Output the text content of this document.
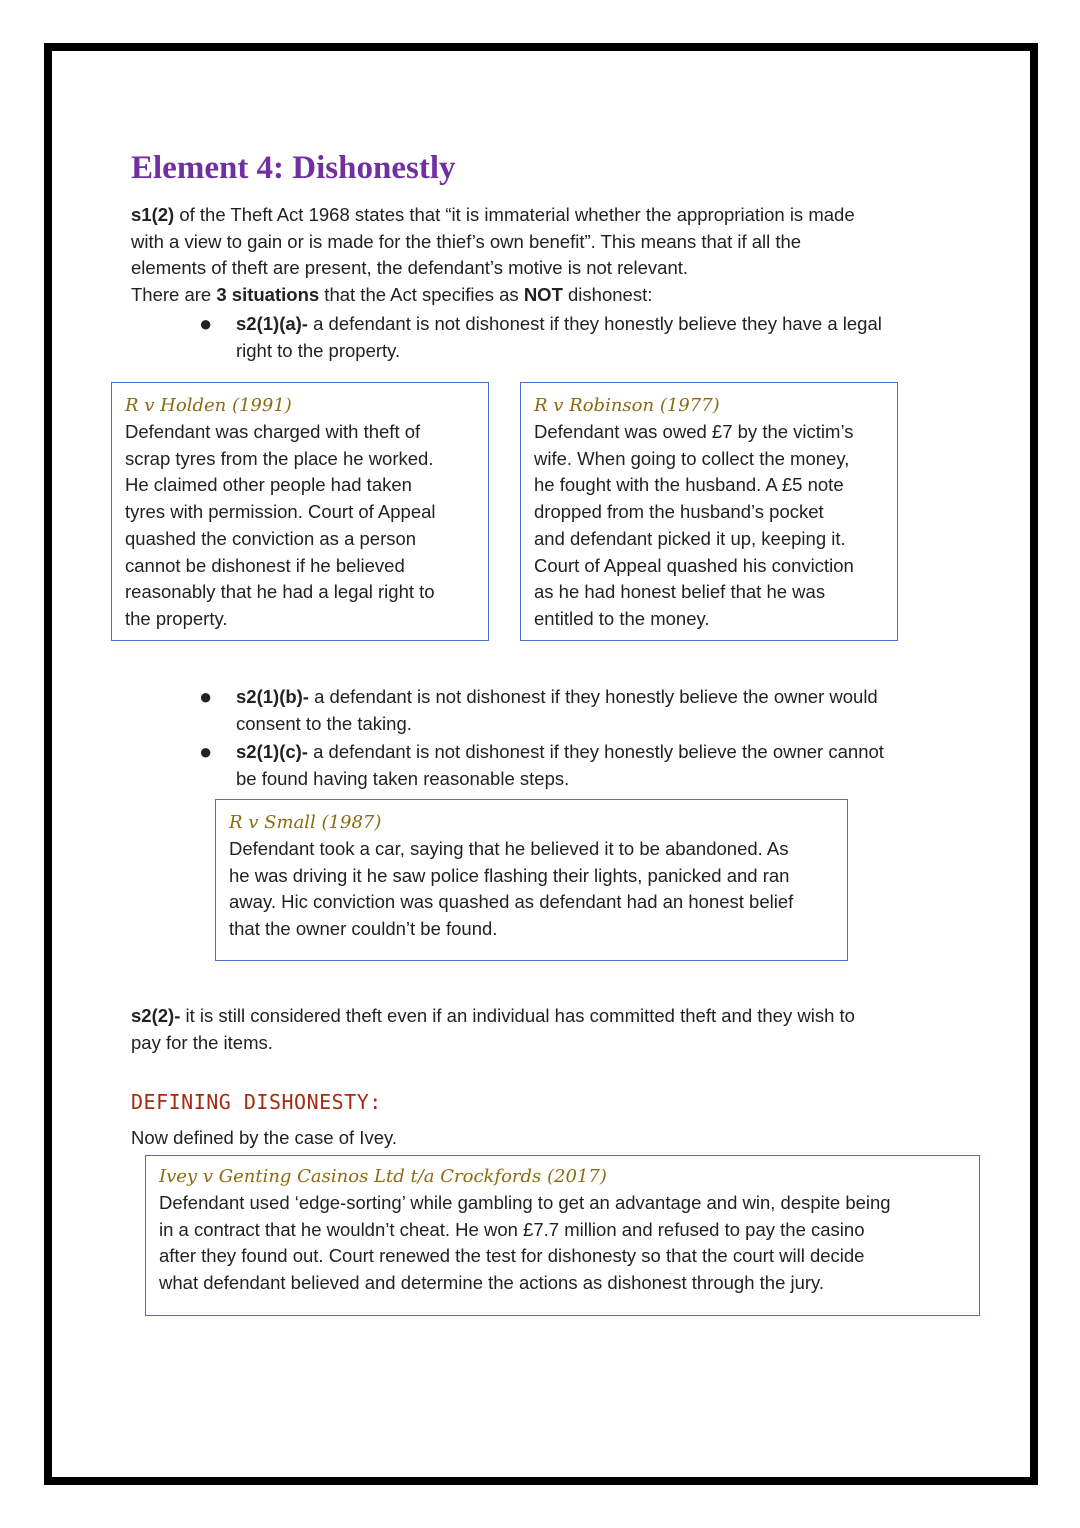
Element 4: Dishonestly
s1(2) of the Theft Act 1968 states that “it is immaterial whether the appropriation is made
with a view to gain or is made for the thief’s own benefit”. This means that if all the
elements of theft are present, the defendant’s motive is not relevant.
There are 3 situations that the Act specifies as NOT dishonest:
● s2(1)(a)- a defendant is not dishonest if they honestly believe they have a legal
right to the property.
R v Holden (1991)
Defendant was charged with theft of
scrap tyres from the place he worked.
He claimed other people had taken
tyres with permission. Court of Appeal
quashed the conviction as a person
cannot be dishonest if he believed
reasonably that he had a legal right to
the property.
R v Robinson (1977)
Defendant was owed £7 by the victim’s
wife. When going to collect the money,
he fought with the husband. A £5 note
dropped from the husband’s pocket
and defendant picked it up, keeping it.
Court of Appeal quashed his conviction
as he had honest belief that he was
entitled to the money.
● s2(1)(b)- a defendant is not dishonest if they honestly believe the owner would
consent to the taking.
● s2(1)(c)- a defendant is not dishonest if they honestly believe the owner cannot
be found having taken reasonable steps.
R v Small (1987)
Defendant took a car, saying that he believed it to be abandoned. As
he was driving it he saw police flashing their lights, panicked and ran
away. Hic conviction was quashed as defendant had an honest belief
that the owner couldn’t be found.
s2(2)- it is still considered theft even if an individual has committed theft and they wish to
pay for the items.
DEFINING DISHONESTY:
Now defined by the case of Ivey.
Ivey v Genting Casinos Ltd t/a Crockfords (2017)
Defendant used ‘edge-sorting’ while gambling to get an advantage and win, despite being
in a contract that he wouldn’t cheat. He won £7.7 million and refused to pay the casino
after they found out. Court renewed the test for dishonesty so that the court will decide
what defendant believed and determine the actions as dishonest through the jury.
